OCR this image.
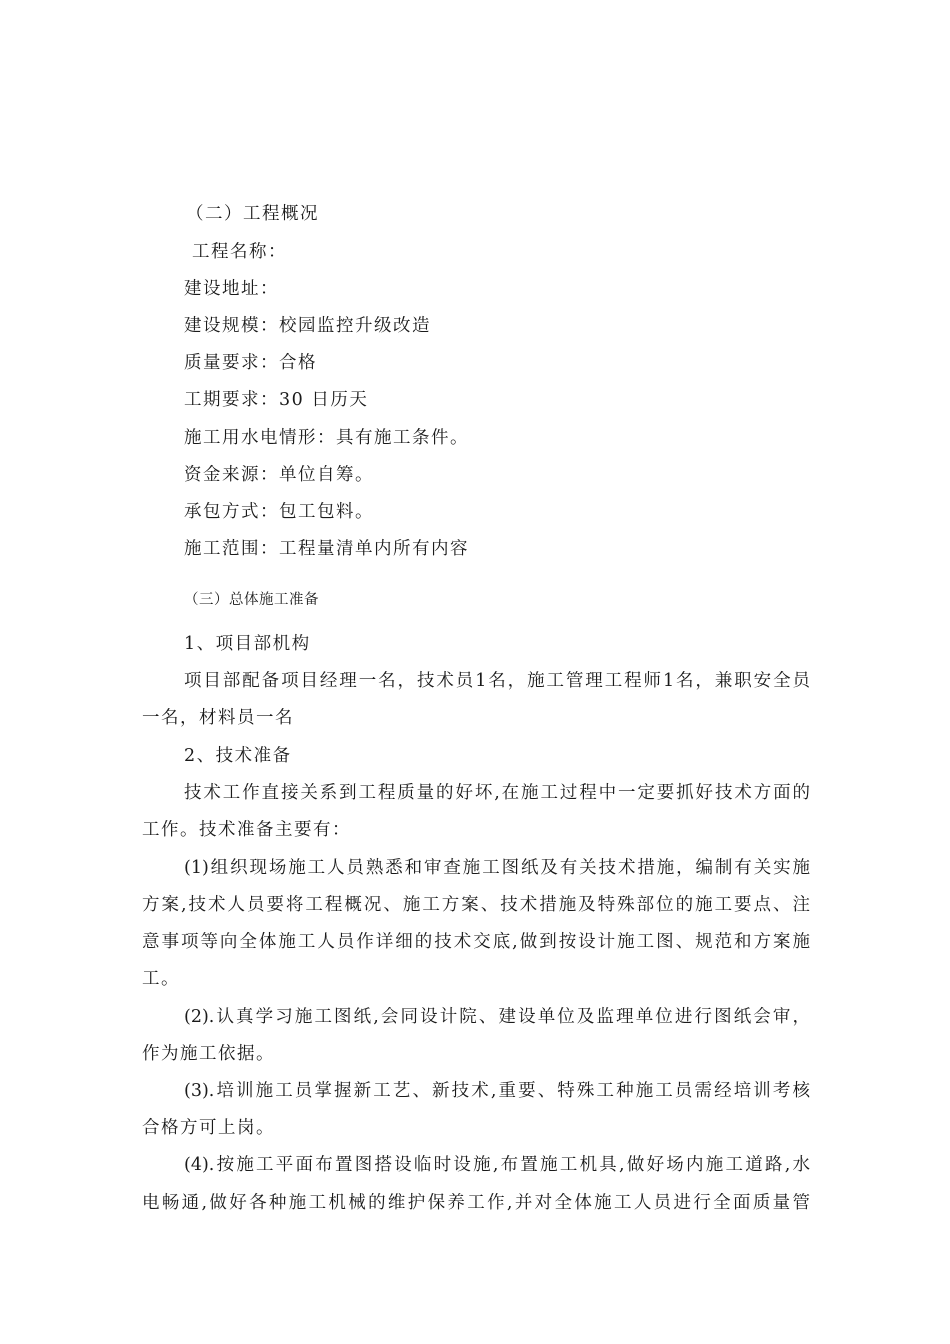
（二）工程概况
工程名称：
建设地址：
建设规模：校园监控升级改造
质量要求：合格
工期要求：30 日历天
施工用水电情形：具有施工条件。
资金来源：单位自筹。
承包方式：包工包料。
施工范围：工程量清单内所有内容
（三）总体施工准备
1、项目部机构
项目部配备项目经理一名，技术员1名，施工管理工程师1名，兼职安全员
一名，材料员一名
2、技术准备
技术工作直接关系到工程质量的好坏,在施工过程中一定要抓好技术方面的
工作。技术准备主要有：
(1)组织现场施工人员熟悉和审查施工图纸及有关技术措施，编制有关实施
方案,技术人员要将工程概况、施工方案、技术措施及特殊部位的施工要点、注
意事项等向全体施工人员作详细的技术交底,做到按设计施工图、规范和方案施
工。
(2).认真学习施工图纸,会同设计院、建设单位及监理单位进行图纸会审，
作为施工依据。
(3).培训施工员掌握新工艺、新技术,重要、特殊工种施工员需经培训考核
合格方可上岗。
(4).按施工平面布置图搭设临时设施,布置施工机具,做好场内施工道路,水
电畅通,做好各种施工机械的维护保养工作,并对全体施工人员进行全面质量管
